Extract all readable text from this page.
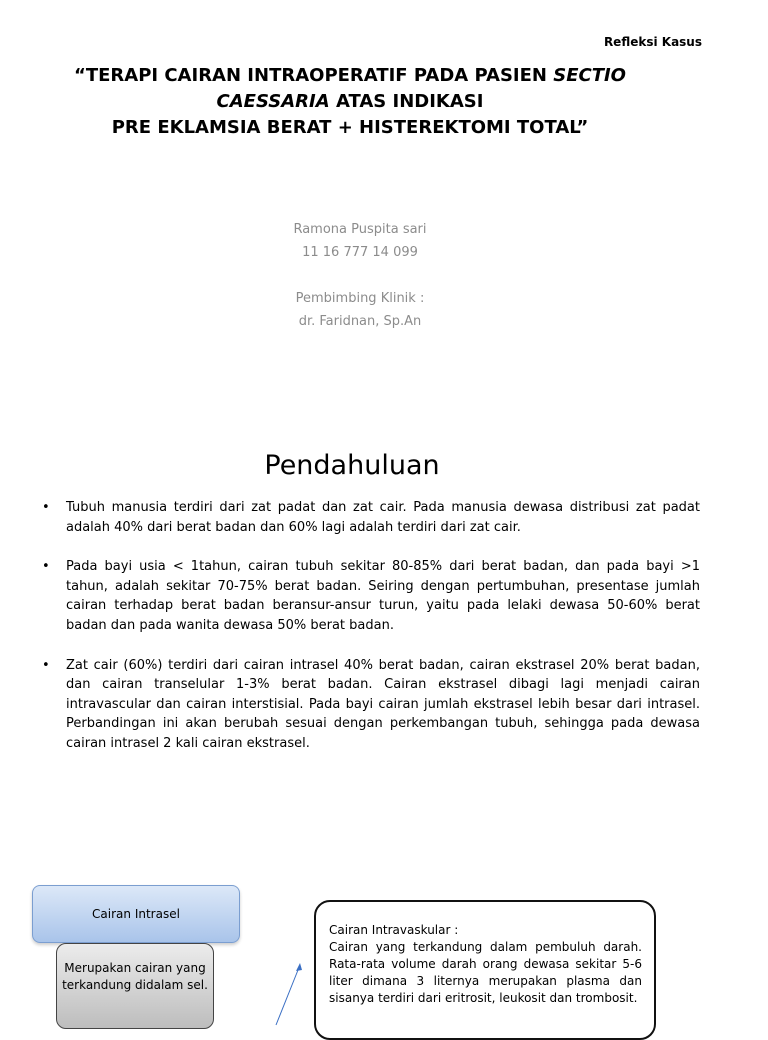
Refleksi Kasus
“TERAPI CAIRAN INTRAOPERATIF PADA PASIEN SECTIO
CAESSARIA ATAS INDIKASI
PRE EKLAMSIA BERAT + HISTEREKTOMI TOTAL”
Ramona Puspita sari
11 16 777 14 099
Pembimbing Klinik :
dr. Faridnan, Sp.An
Pendahuluan
• Tubuh manusia terdiri dari zat padat dan zat cair. Pada manusia dewasa distribusi zat padat adalah 40% dari berat badan dan 60% lagi adalah terdiri dari zat cair.
• Pada bayi usia < 1tahun, cairan tubuh sekitar 80-85% dari berat badan, dan pada bayi >1 tahun, adalah sekitar 70-75% berat badan. Seiring dengan pertumbuhan, presentase jumlah cairan terhadap berat badan beransur-ansur turun, yaitu pada lelaki dewasa 50-60% berat badan dan pada wanita dewasa 50% berat badan.
• Zat cair (60%) terdiri dari cairan intrasel 40% berat badan, cairan ekstrasel 20% berat badan, dan cairan transelular 1-3% berat badan. Cairan ekstrasel dibagi lagi menjadi cairan intravascular dan cairan interstisial. Pada bayi cairan jumlah ekstrasel lebih besar dari intrasel. Perbandingan ini akan berubah sesuai dengan perkembangan tubuh, sehingga pada dewasa cairan intrasel 2 kali cairan ekstrasel.
Cairan Intrasel
Merupakan cairan yang terkandung didalam sel.
Cairan Intravaskular :
Cairan yang terkandung dalam pembuluh darah. Rata-rata volume darah orang dewasa sekitar 5-6 liter dimana 3 liternya merupakan plasma dan sisanya terdiri dari eritrosit, leukosit dan trombosit.
